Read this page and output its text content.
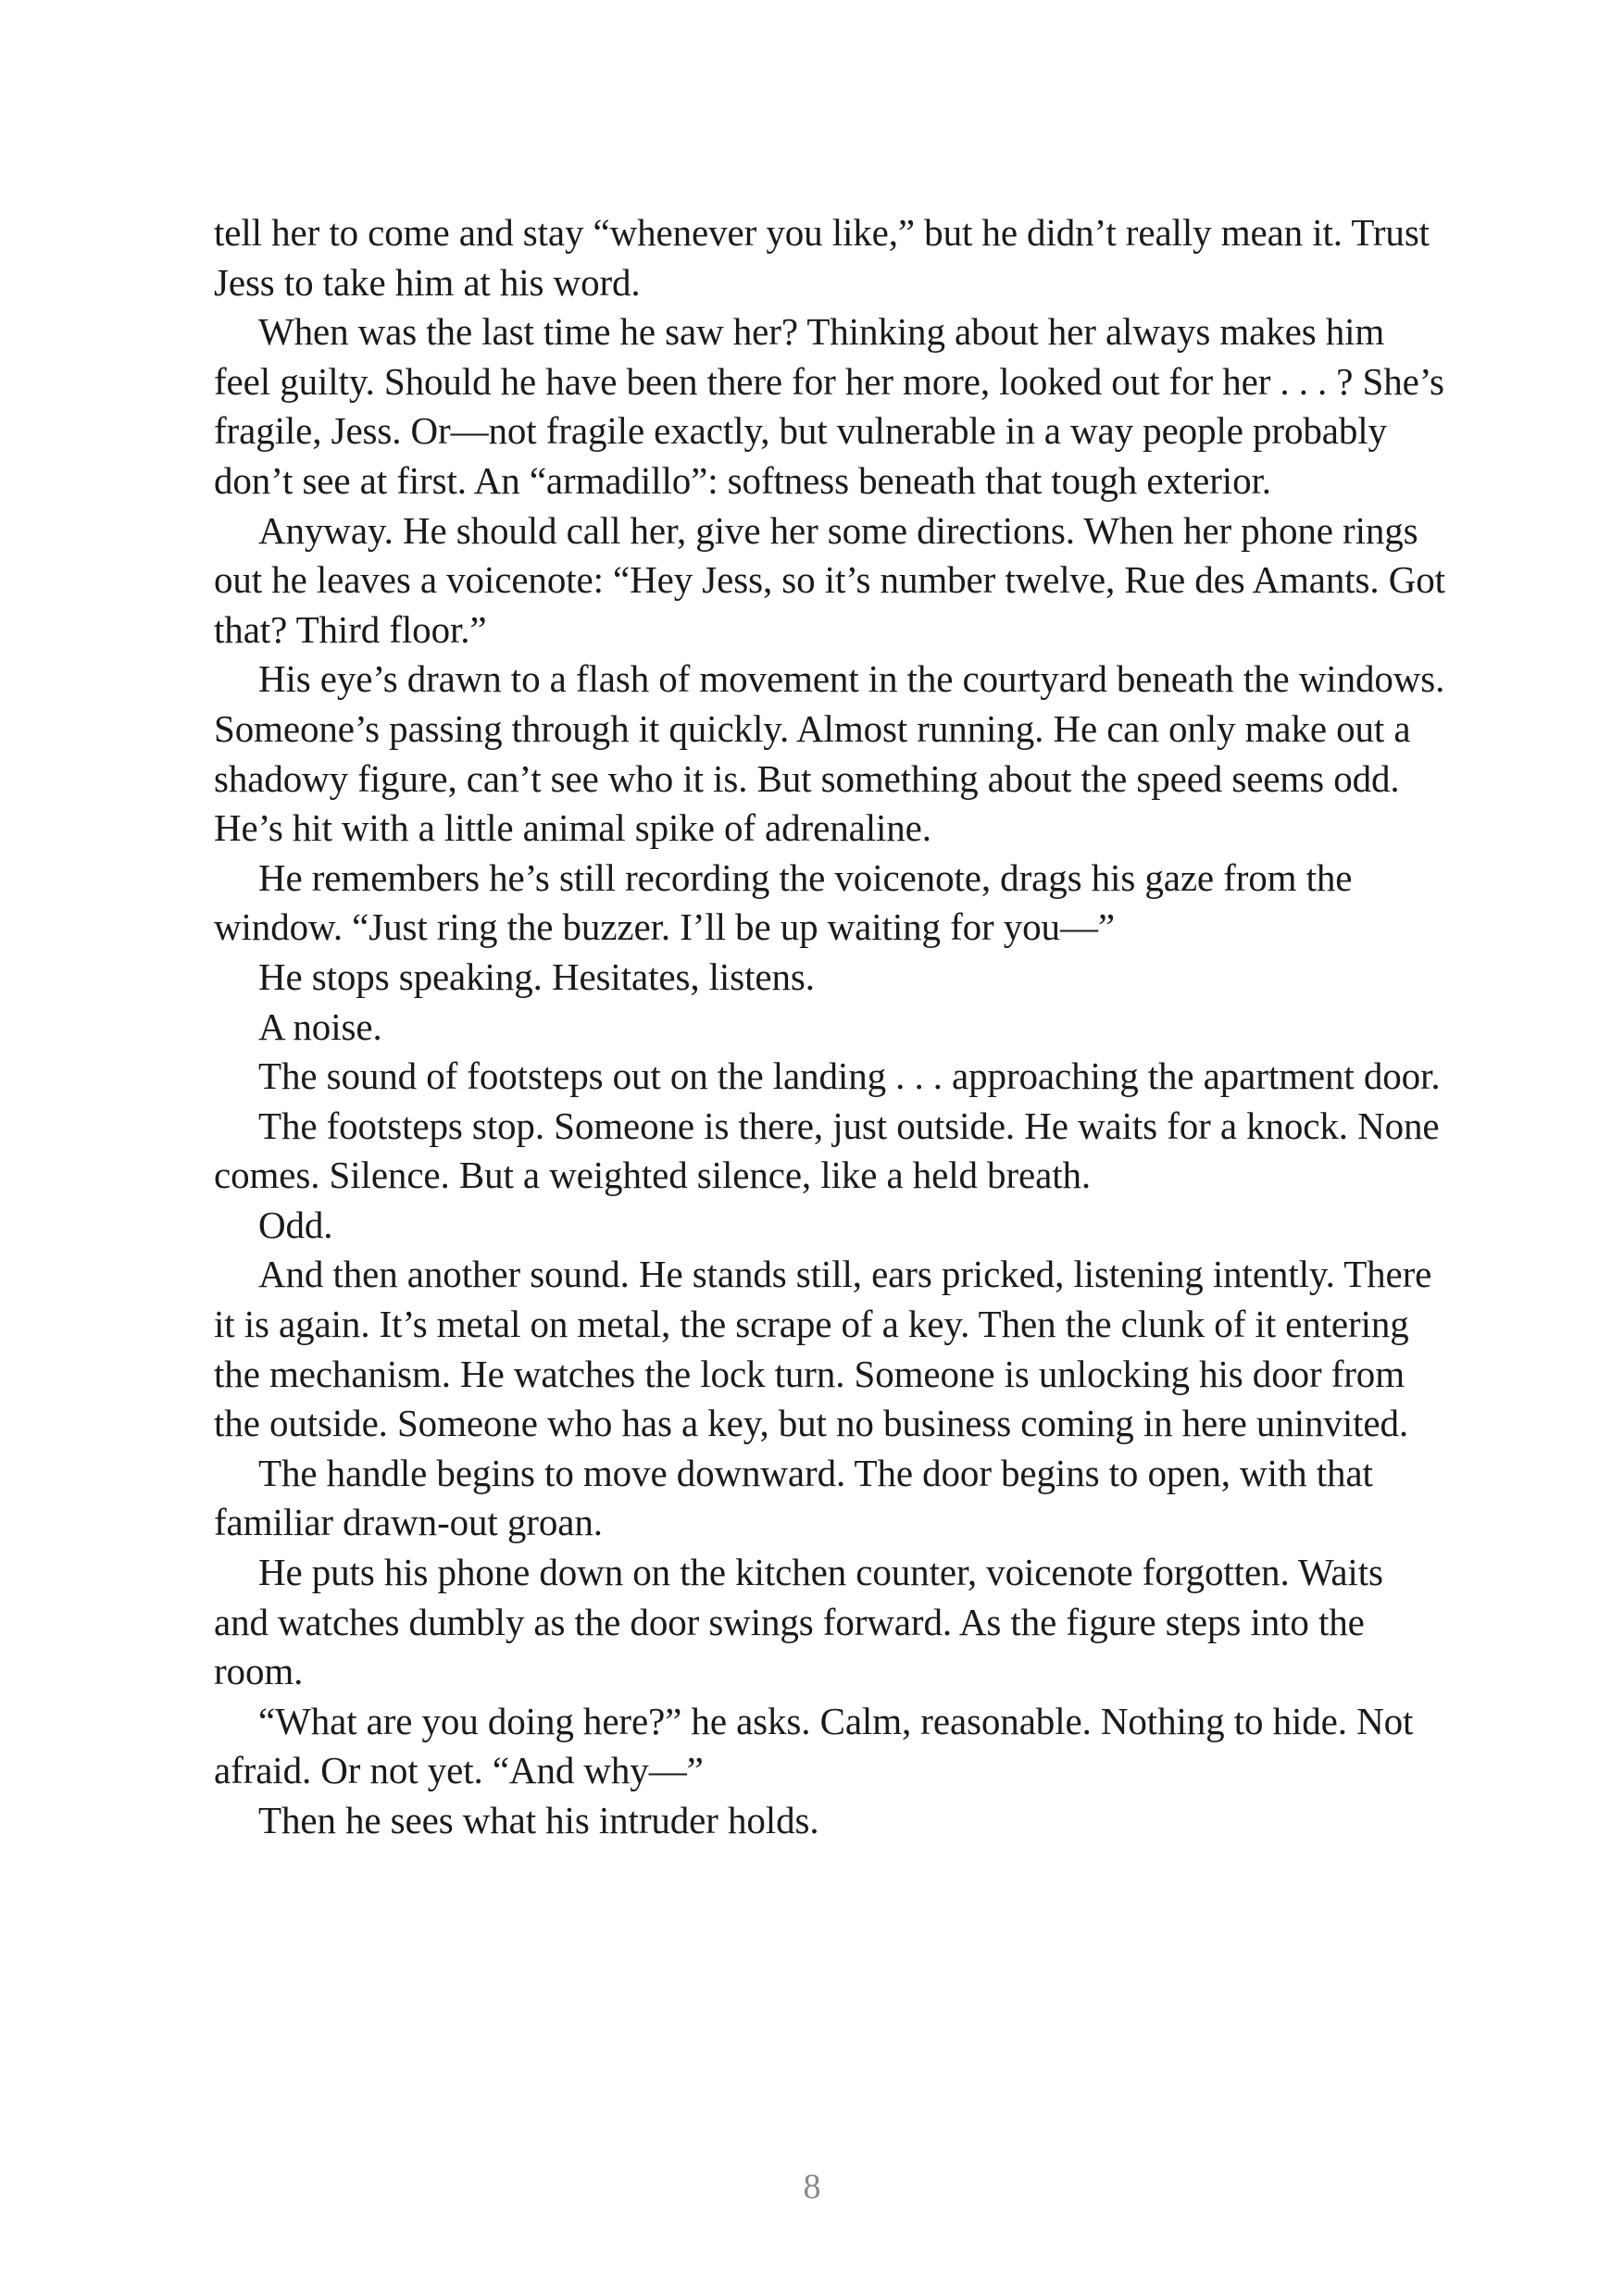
tell her to come and stay “whenever you like,” but he didn’t really mean it. Trust Jess to take him at his word.

When was the last time he saw her? Thinking about her always makes him feel guilty. Should he have been there for her more, looked out for her . . . ? She’s fragile, Jess. Or—not fragile exactly, but vulnerable in a way people probably don’t see at first. An “armadillo”: softness beneath that tough exterior.

Anyway. He should call her, give her some directions. When her phone rings out he leaves a voicenote: “Hey Jess, so it’s number twelve, Rue des Amants. Got that? Third floor.”

His eye’s drawn to a flash of movement in the courtyard beneath the windows. Someone’s passing through it quickly. Almost running. He can only make out a shadowy figure, can’t see who it is. But something about the speed seems odd. He’s hit with a little animal spike of adrenaline.

He remembers he’s still recording the voicenote, drags his gaze from the window. “Just ring the buzzer. I’ll be up waiting for you—”

He stops speaking. Hesitates, listens.

A noise.

The sound of footsteps out on the landing . . . approaching the apartment door.

The footsteps stop. Someone is there, just outside. He waits for a knock. None comes. Silence. But a weighted silence, like a held breath.

Odd.

And then another sound. He stands still, ears pricked, listening intently. There it is again. It’s metal on metal, the scrape of a key. Then the clunk of it entering the mechanism. He watches the lock turn. Someone is unlocking his door from the outside. Someone who has a key, but no business coming in here uninvited.

The handle begins to move downward. The door begins to open, with that familiar drawn-out groan.

He puts his phone down on the kitchen counter, voicenote forgotten. Waits and watches dumbly as the door swings forward. As the figure steps into the room.

“What are you doing here?” he asks. Calm, reasonable. Nothing to hide. Not afraid. Or not yet. “And why—”

Then he sees what his intruder holds.

8
